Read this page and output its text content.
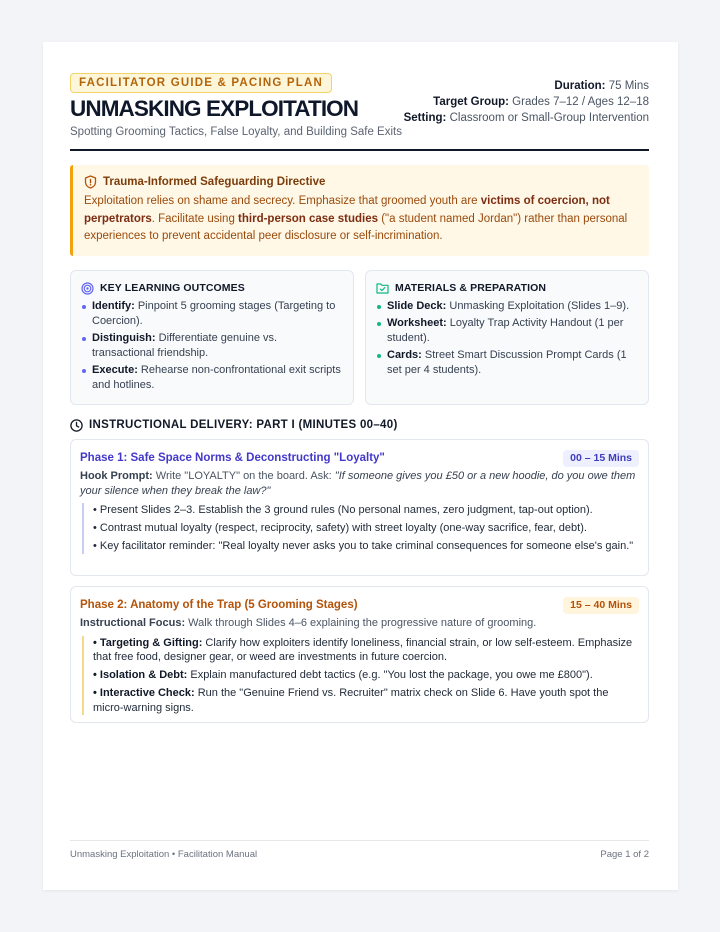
FACILITATOR GUIDE & PACING PLAN
UNMASKING EXPLOITATION
Spotting Grooming Tactics, False Loyalty, and Building Safe Exits
Duration: 75 Mins
Target Group: Grades 7–12 / Ages 12–18
Setting: Classroom or Small-Group Intervention
Trauma-Informed Safeguarding Directive
Exploitation relies on shame and secrecy. Emphasize that groomed youth are victims of coercion, not perpetrators. Facilitate using third-person case studies ("a student named Jordan") rather than personal experiences to prevent accidental peer disclosure or self-incrimination.
KEY LEARNING OUTCOMES
Identify: Pinpoint 5 grooming stages (Targeting to Coercion).
Distinguish: Differentiate genuine vs. transactional friendship.
Execute: Rehearse non-confrontational exit scripts and hotlines.
MATERIALS & PREPARATION
Slide Deck: Unmasking Exploitation (Slides 1–9).
Worksheet: Loyalty Trap Activity Handout (1 per student).
Cards: Street Smart Discussion Prompt Cards (1 set per 4 students).
INSTRUCTIONAL DELIVERY: PART I (MINUTES 00–40)
Phase 1: Safe Space Norms & Deconstructing "Loyalty"	00 – 15 Mins
Hook Prompt: Write "LOYALTY" on the board. Ask: "If someone gives you £50 or a new hoodie, do you owe them your silence when they break the law?"
• Present Slides 2–3. Establish the 3 ground rules (No personal names, zero judgment, tap-out option).
• Contrast mutual loyalty (respect, reciprocity, safety) with street loyalty (one-way sacrifice, fear, debt).
• Key facilitator reminder: "Real loyalty never asks you to take criminal consequences for someone else's gain."
Phase 2: Anatomy of the Trap (5 Grooming Stages)	15 – 40 Mins
Instructional Focus: Walk through Slides 4–6 explaining the progressive nature of grooming.
• Targeting & Gifting: Clarify how exploiters identify loneliness, financial strain, or low self-esteem. Emphasize that free food, designer gear, or weed are investments in future coercion.
• Isolation & Debt: Explain manufactured debt tactics (e.g. "You lost the package, you owe me £800").
• Interactive Check: Run the "Genuine Friend vs. Recruiter" matrix check on Slide 6. Have youth spot the micro-warning signs.
Unmasking Exploitation • Facilitation Manual	Page 1 of 2
